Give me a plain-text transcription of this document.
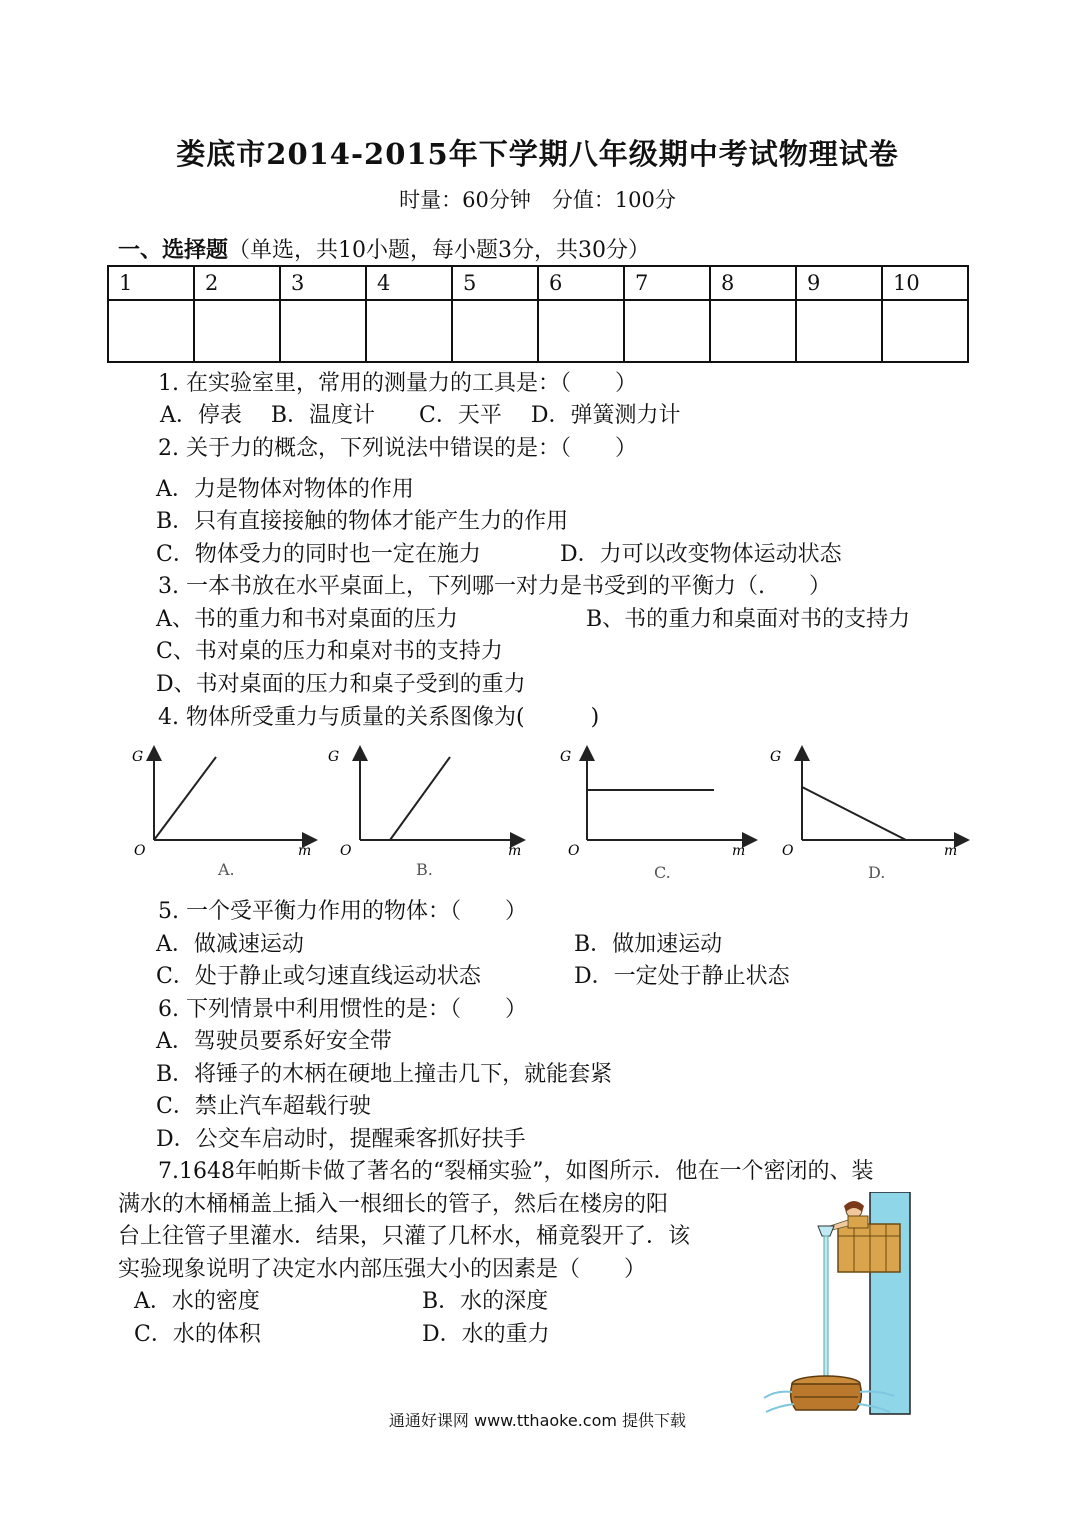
娄底市2014-2015年下学期八年级期中考试物理试卷
时量：60分钟　分值：100分
一、选择题（单选，共10小题，每小题3分，共30分）
1	2	3	4	5	6	7	8	9	10

1. 在实验室里，常用的测量力的工具是：（　　）
A．停表　 B．温度计　　C．天平　 D．弹簧测力计
2. 关于力的概念，下列说法中错误的是：（　　）
A．力是物体对物体的作用
B．只有直接接触的物体才能产生力的作用
C．物体受力的同时也一定在施力	D．力可以改变物体运动状态
3. 一本书放在水平桌面上，下列哪一对力是书受到的平衡力（.　　）
A、书的重力和书对桌面的压力	B、书的重力和桌面对书的支持力
C、书对桌的压力和桌对书的支持力
D、书对桌面的压力和桌子受到的重力
4. 物体所受重力与质量的关系图像为(　　　)
G
O	m
A.
G
O	m
B.
G
O	m
C.
G
O	m
D.
5. 一个受平衡力作用的物体：（　　）
A．做减速运动	B．做加速运动
C．处于静止或匀速直线运动状态	D．一定处于静止状态
6. 下列情景中利用惯性的是：（　　）
A．驾驶员要系好安全带
B．将锤子的木柄在硬地上撞击几下，就能套紧
C．禁止汽车超载行驶
D．公交车启动时，提醒乘客抓好扶手
7.1648年帕斯卡做了著名的“裂桶实验”，如图所示．他在一个密闭的、装
满水的木桶桶盖上插入一根细长的管子，然后在楼房的阳
台上往管子里灌水．结果，只灌了几杯水，桶竟裂开了．该
实验现象说明了决定水内部压强大小的因素是（　　）
A．水的密度	B．水的深度
C．水的体积	D．水的重力
通通好课网 www.tthaoke.com 提供下载
